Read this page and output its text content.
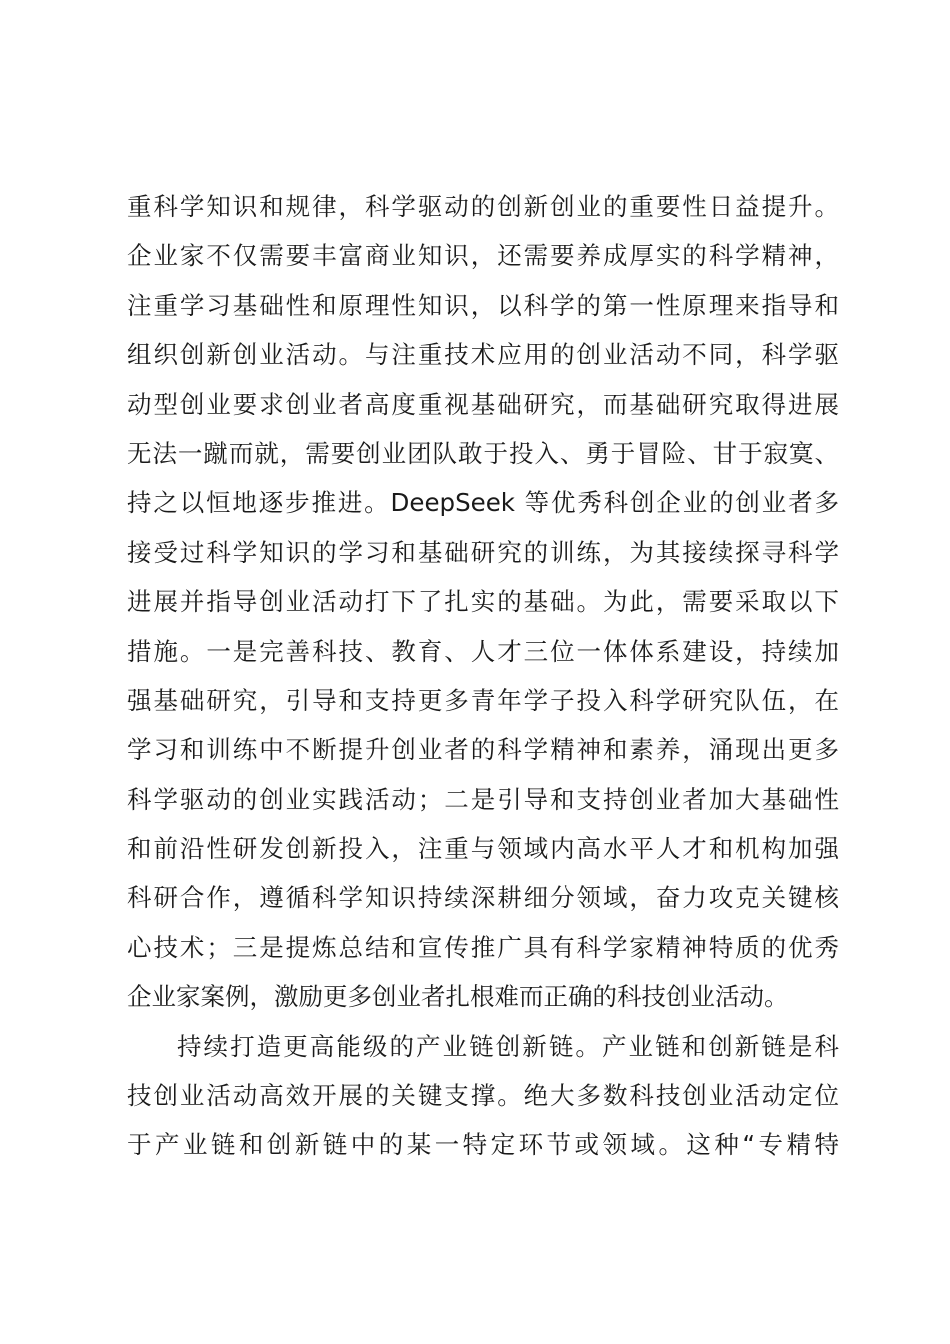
重科学知识和规律，科学驱动的创新创业的重要性日益提升。
企业家不仅需要丰富商业知识，还需要养成厚实的科学精神，
注重学习基础性和原理性知识，以科学的第一性原理来指导和
组织创新创业活动。与注重技术应用的创业活动不同，科学驱
动型创业要求创业者高度重视基础研究，而基础研究取得进展
无法一蹴而就，需要创业团队敢于投入、勇于冒险、甘于寂寞、
持之以恒地逐步推进。DeepSeek 等优秀科创企业的创业者多
接受过科学知识的学习和基础研究的训练，为其接续探寻科学
进展并指导创业活动打下了扎实的基础。为此，需要采取以下
措施。一是完善科技、教育、人才三位一体体系建设，持续加
强基础研究，引导和支持更多青年学子投入科学研究队伍，在
学习和训练中不断提升创业者的科学精神和素养，涌现出更多
科学驱动的创业实践活动；二是引导和支持创业者加大基础性
和前沿性研发创新投入，注重与领域内高水平人才和机构加强
科研合作，遵循科学知识持续深耕细分领域，奋力攻克关键核
心技术；三是提炼总结和宣传推广具有科学家精神特质的优秀
企业家案例，激励更多创业者扎根难而正确的科技创业活动。
持续打造更高能级的产业链创新链。产业链和创新链是科
技创业活动高效开展的关键支撑。绝大多数科技创业活动定位
于产业链和创新链中的某一特定环节或领域。这种“专精特
